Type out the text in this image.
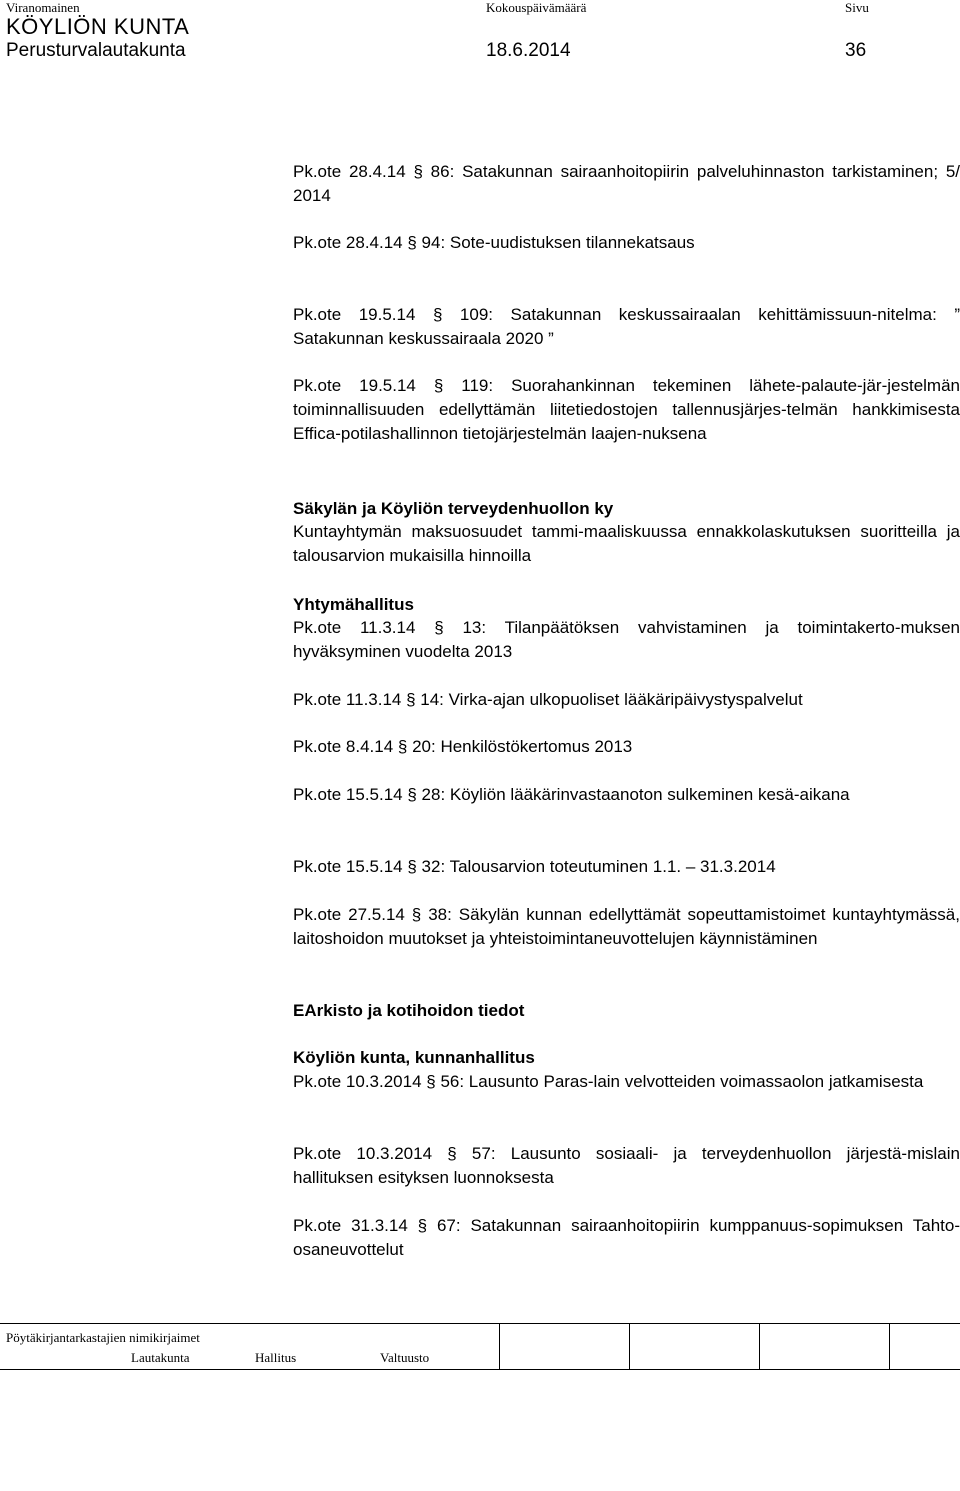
Viranomainen	Kokouspäivämäärä	Sivu
KÖYLIÖN KUNTA
Perusturvalautakunta	18.6.2014	36

Pk.ote 28.4.14 § 86: Satakunnan sairaanhoitopiirin palveluhinnaston tarkistaminen; 5/ 2014

Pk.ote 28.4.14 § 94: Sote-uudistuksen tilannekatsaus

Pk.ote 19.5.14 § 109: Satakunnan keskussairaalan kehittämissuun-nitelma: ” Satakunnan keskussairaala 2020 ”

Pk.ote 19.5.14 § 119: Suorahankinnan tekeminen lähete-palaute-jär-jestelmän toiminnallisuuden edellyttämän liitetiedostojen tallennusjärjes-telmän hankkimisesta Effica-potilashallinnon tietojärjestelmän laajen-nuksena

Säkylän ja Köyliön terveydenhuollon ky

Kuntayhtymän maksuosuudet tammi-maaliskuussa ennakkolaskutuksen suoritteilla ja talousarvion mukaisilla hinnoilla

Yhtymähallitus

Pk.ote 11.3.14 § 13: Tilanpäätöksen vahvistaminen ja toimintakerto-muksen hyväksyminen vuodelta 2013

Pk.ote 11.3.14 § 14: Virka-ajan ulkopuoliset lääkäripäivystyspalvelut

Pk.ote 8.4.14 § 20: Henkilöstökertomus 2013

Pk.ote 15.5.14 § 28: Köyliön lääkärinvastaanoton sulkeminen kesä-aikana

Pk.ote 15.5.14 § 32: Talousarvion toteutuminen 1.1. – 31.3.2014

Pk.ote 27.5.14 § 38: Säkylän kunnan edellyttämät sopeuttamistoimet kuntayhtymässä, laitoshoidon muutokset ja yhteistoimintaneuvottelujen käynnistäminen

EArkisto ja kotihoidon tiedot

Köyliön kunta, kunnanhallitus

Pk.ote 10.3.2014 § 56: Lausunto Paras-lain velvotteiden voimassaolon jatkamisesta

Pk.ote 10.3.2014 § 57: Lausunto sosiaali- ja terveydenhuollon järjestä-mislain hallituksen esityksen luonnoksesta

Pk.ote 31.3.14 § 67: Satakunnan sairaanhoitopiirin kumppanuus-sopimuksen Tahto-osaneuvottelut

Pöytäkirjantarkastajien nimikirjaimet
Lautakunta	Hallitus	Valtuusto
